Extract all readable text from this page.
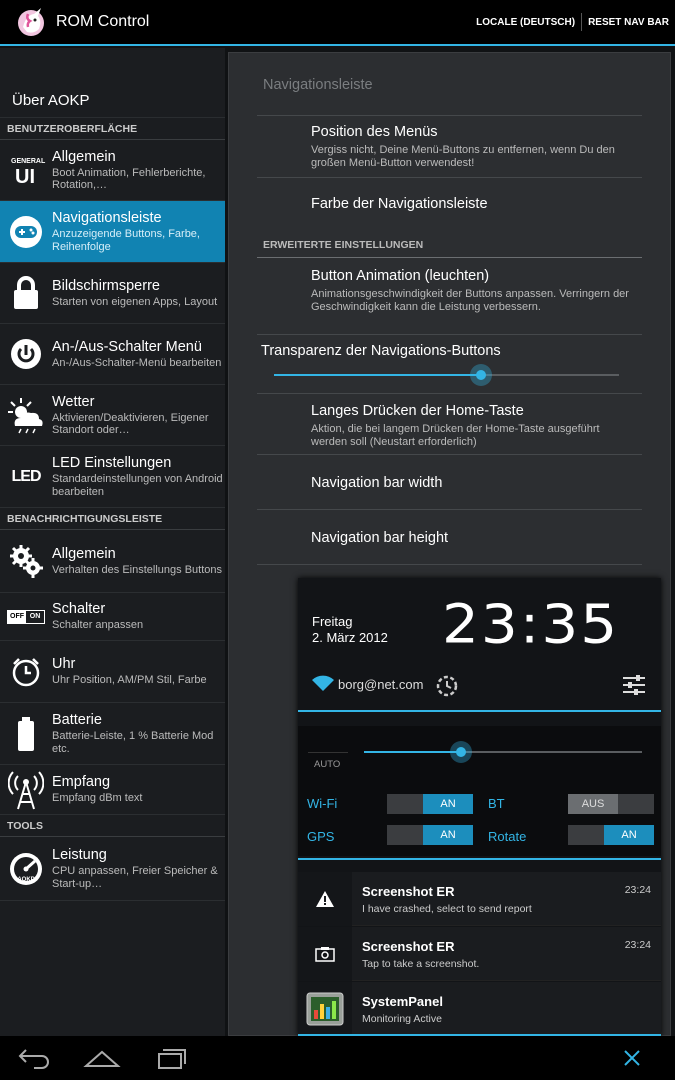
ROM Control	LOCALE (DEUTSCH)	RESET NAV BAR
Über AOKP
BENUTZEROBERFLÄCHE
GENERAL
UI
Allgemein
Boot Animation, Fehlerberichte, Rotation,…
Navigationsleiste
Anzuzeigende Buttons, Farbe, Reihenfolge
Bildschirmsperre
Starten von eigenen Apps, Layout
An-/Aus-Schalter Menü
An-/Aus-Schalter-Menü bearbeiten
Wetter
Aktivieren/Deaktivieren, Eigener Standort oder…
LED
LED Einstellungen
Standardeinstellungen von Android bearbeiten
BENACHRICHTIGUNGSLEISTE
Allgemein
Verhalten des Einstellungs Buttons
OFF ON Schalter
Schalter anpassen
Uhr
Uhr Position, AM/PM Stil, Farbe
Batterie
Batterie-Leiste, 1 % Batterie Mod etc.
Empfang
Empfang dBm text
TOOLS
AOKP
Leistung
CPU anpassen, Freier Speicher & Start-up…
Navigationsleiste
Position des Menüs
Vergiss nicht, Deine Menü-Buttons zu entfernen, wenn Du den großen Menü-Button verwendest!
Farbe der Navigationsleiste
ERWEITERTE EINSTELLUNGEN
Button Animation (leuchten)
Animationsgeschwindigkeit der Buttons anpassen. Verringern der Geschwindigkeit kann die Leistung verbessern.
Transparenz der Navigations-Buttons
Langes Drücken der Home-Taste
Aktion, die bei langem Drücken der Home-Taste ausgeführt werden soll (Neustart erforderlich)
Navigation bar width
Navigation bar height
Freitag
2. März 2012 23:35
borg@net.com
AUTO
Wi-Fi	AN	BT	AUS
GPS	AN	Rotate	AN
Screenshot ER
I have crashed, select to send report
23:24
Screenshot ER
Tap to take a screenshot.
23:24
SystemPanel
Monitoring Active
